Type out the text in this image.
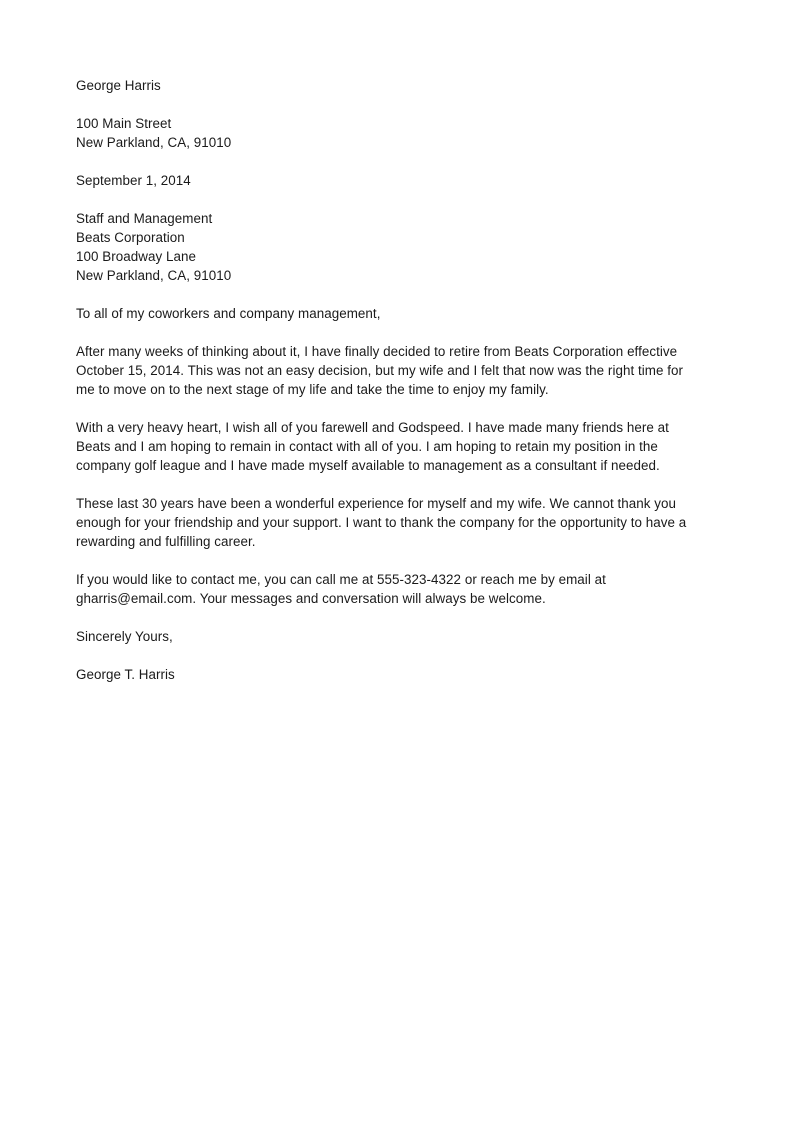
George Harris
100 Main Street
New Parkland, CA, 91010
September 1, 2014
Staff and Management
Beats Corporation
100 Broadway Lane
New Parkland, CA, 91010
To all of my coworkers and company management,
After many weeks of thinking about it, I have finally decided to retire from Beats Corporation effective
October 15, 2014. This was not an easy decision, but my wife and I felt that now was the right time for
me to move on to the next stage of my life and take the time to enjoy my family.
With a very heavy heart, I wish all of you farewell and Godspeed. I have made many friends here at
Beats and I am hoping to remain in contact with all of you. I am hoping to retain my position in the
company golf league and I have made myself available to management as a consultant if needed.
These last 30 years have been a wonderful experience for myself and my wife. We cannot thank you
enough for your friendship and your support. I want to thank the company for the opportunity to have a
rewarding and fulfilling career.
If you would like to contact me, you can call me at 555-323-4322 or reach me by email at
gharris@email.com. Your messages and conversation will always be welcome.
Sincerely Yours,
George T. Harris
